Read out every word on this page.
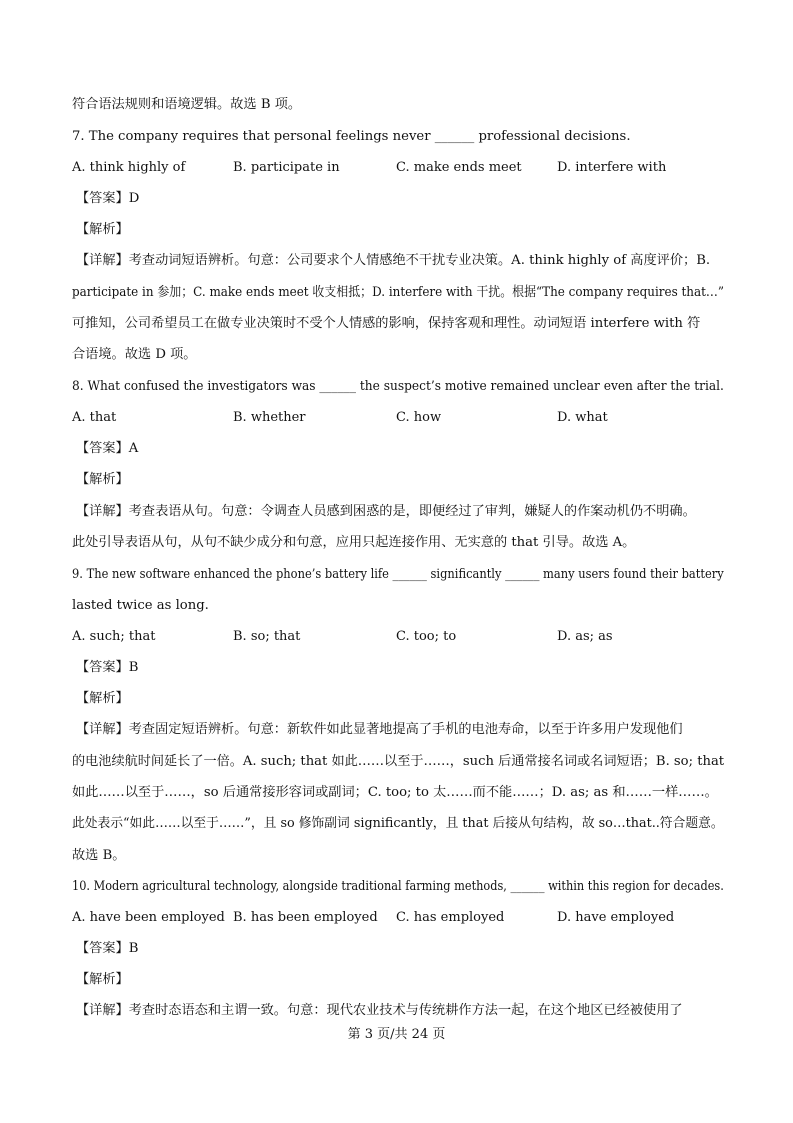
符合语法规则和语境逻辑。故选 B 项。
7. The company requires that personal feelings never ______ professional decisions.
A. think highly of	B. participate in	C. make ends meet	D. interfere with
【答案】D
【解析】
【详解】考查动词短语辨析。句意：公司要求个人情感绝不干扰专业决策。A. think highly of 高度评价；B.
participate in 参加；C. make ends meet 收支相抵；D. interfere with 干扰。根据“The company requires that…”
可推知，公司希望员工在做专业决策时不受个人情感的影响，保持客观和理性。动词短语 interfere with 符
合语境。故选 D 项。
8. What confused the investigators was ______ the suspect’s motive remained unclear even after the trial.
A. that	B. whether	C. how	D. what
【答案】A
【解析】
【详解】考查表语从句。句意：令调查人员感到困惑的是，即便经过了审判，嫌疑人的作案动机仍不明确。
此处引导表语从句，从句不缺少成分和句意，应用只起连接作用、无实意的 that 引导。故选 A。
9. The new software enhanced the phone’s battery life ______ significantly ______ many users found their battery
lasted twice as long.
A. such; that	B. so; that	C. too; to	D. as; as
【答案】B
【解析】
【详解】考查固定短语辨析。句意：新软件如此显著地提高了手机的电池寿命，以至于许多用户发现他们
的电池续航时间延长了一倍。A. such; that 如此……以至于……，such 后通常接名词或名词短语；B. so; that
如此……以至于……，so 后通常接形容词或副词；C. too; to 太……而不能……；D. as; as 和……一样……。
此处表示“如此……以至于……”，且 so 修饰副词 significantly，且 that 后接从句结构，故 so…that..符合题意。
故选 B。
10. Modern agricultural technology, alongside traditional farming methods, ______ within this region for decades.
A. have been employed B. has been employed C. has employed	D. have employed
【答案】B
【解析】
【详解】考查时态语态和主谓一致。句意：现代农业技术与传统耕作方法一起，在这个地区已经被使用了
第 3 页/共 24 页
